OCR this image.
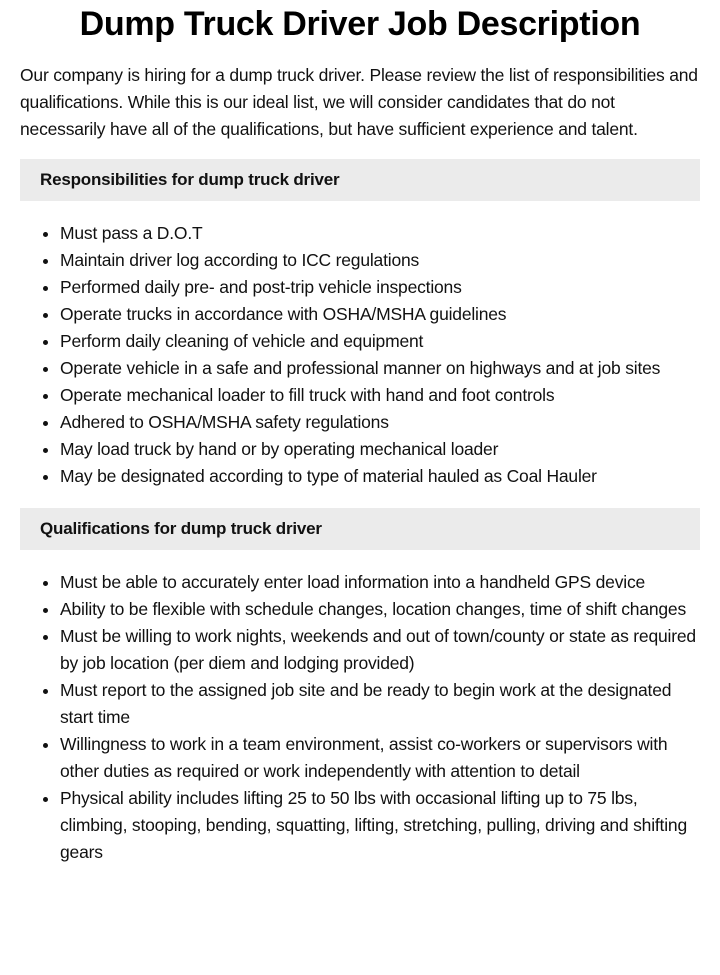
Dump Truck Driver Job Description

Our company is hiring for a dump truck driver. Please review the list of responsibilities and qualifications. While this is our ideal list, we will consider candidates that do not necessarily have all of the qualifications, but have sufficient experience and talent.

Responsibilities for dump truck driver
• Must pass a D.O.T
• Maintain driver log according to ICC regulations
• Performed daily pre- and post-trip vehicle inspections
• Operate trucks in accordance with OSHA/MSHA guidelines
• Perform daily cleaning of vehicle and equipment
• Operate vehicle in a safe and professional manner on highways and at job sites
• Operate mechanical loader to fill truck with hand and foot controls
• Adhered to OSHA/MSHA safety regulations
• May load truck by hand or by operating mechanical loader
• May be designated according to type of material hauled as Coal Hauler
Qualifications for dump truck driver
• Must be able to accurately enter load information into a handheld GPS device
• Ability to be flexible with schedule changes, location changes, time of shift changes
• Must be willing to work nights, weekends and out of town/county or state as required by job location (per diem and lodging provided)
• Must report to the assigned job site and be ready to begin work at the designated start time
• Willingness to work in a team environment, assist co-workers or supervisors with other duties as required or work independently with attention to detail
• Physical ability includes lifting 25 to 50 lbs with occasional lifting up to 75 lbs, climbing, stooping, bending, squatting, lifting, stretching, pulling, driving and shifting gears
